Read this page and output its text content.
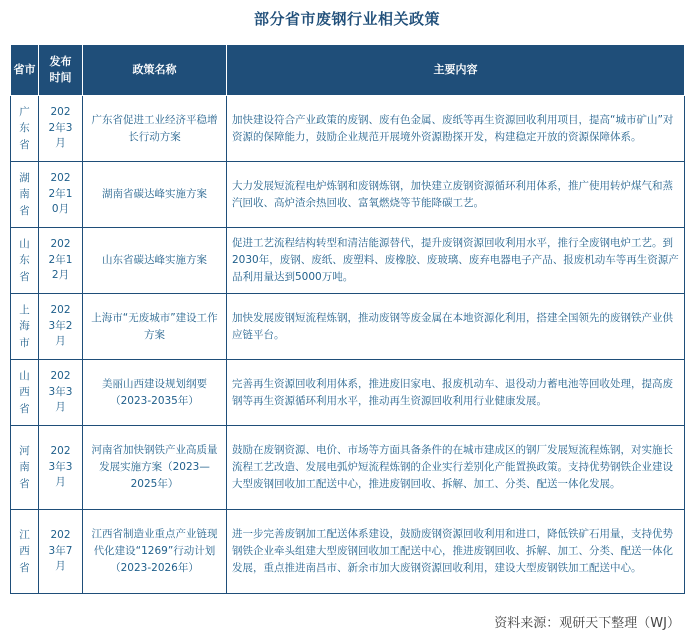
部分省市废钢行业相关政策
省市	发布时间	政策名称	主要内容

广东省	2022年3月	广东省促进工业经济平稳增长行动方案	加快建设符合产业政策的废钢、废有色金属、废纸等再生资源回收利用项目，提高“城市矿山”对资源的保障能力，鼓励企业规范开展境外资源勘探开发，构建稳定开放的资源保障体系。

湖南省	2022年10月	湖南省碳达峰实施方案	大力发展短流程电炉炼钢和废钢炼钢，加快建立废钢资源循环利用体系，推广使用转炉煤气和蒸汽回收、高炉渣余热回收、富氧燃烧等节能降碳工艺。

山东省	2022年12月	山东省碳达峰实施方案	促进工艺流程结构转型和清洁能源替代，提升废钢资源回收利用水平，推行全废钢电炉工艺。到2030年，废钢、废纸、废塑料、废橡胶、废玻璃、废弃电器电子产品、报废机动车等再生资源产品利用量达到5000万吨。

上海市	2023年2月	上海市“无废城市”建设工作方案	加快发展废钢短流程炼钢，推动废钢等废金属在本地资源化利用，搭建全国领先的废钢铁产业供应链平台。

山西省	2023年3月	美丽山西建设规划纲要（2023-2035年）	完善再生资源回收利用体系，推进废旧家电、报废机动车、退役动力蓄电池等回收处理，提高废钢等再生资源循环利用水平，推动再生资源回收利用行业健康发展。

河南省	2023年3月	河南省加快钢铁产业高质量发展实施方案（2023—2025年）	鼓励在废钢资源、电价、市场等方面具备条件的在城市建成区的钢厂发展短流程炼钢，对实施长流程工艺改造、发展电弧炉短流程炼钢的企业实行差别化产能置换政策。支持优势钢铁企业建设大型废钢回收加工配送中心，推进废钢回收、拆解、加工、分类、配送一体化发展。

江西省	2023年7月	江西省制造业重点产业链现代化建设“1269”行动计划（2023-2026年）	进一步完善废钢加工配送体系建设，鼓励废钢资源回收利用和进口，降低铁矿石用量，支持优势钢铁企业牵头组建大型废钢回收加工配送中心，推进废钢回收、拆解、加工、分类、配送一体化发展，重点推进南昌市、新余市加大废钢资源回收利用，建设大型废钢铁加工配送中心。
资料来源：观研天下整理（WJ）
